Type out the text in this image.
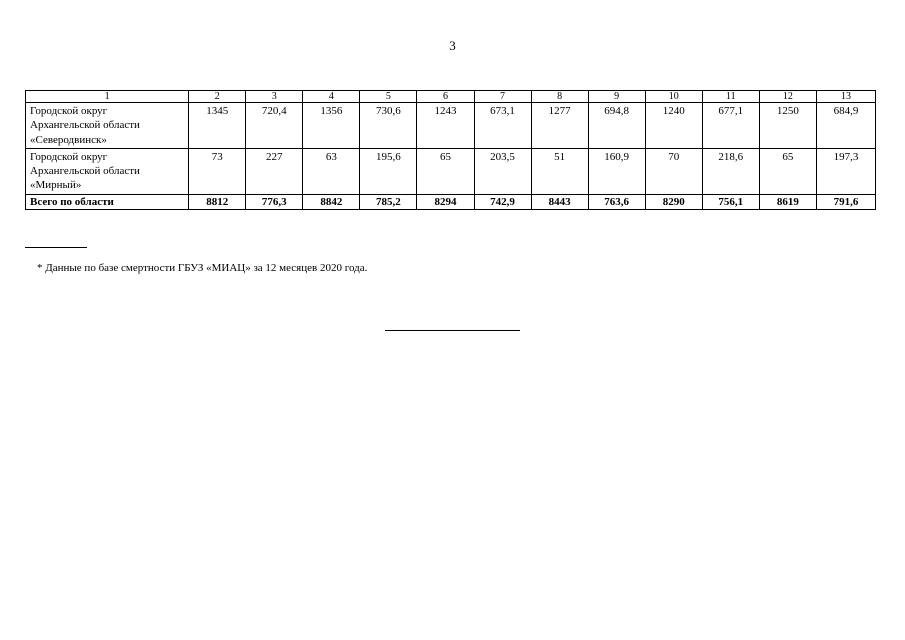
3
1	2	3	4	5	6	7	8	9	10	11	12	13

Городской округ
Архангельской области
«Северодвинск»	1345	720,4	1356	730,6	1243	673,1	1277	694,8	1240	677,1	1250	684,9

Городской округ
Архангельской области
«Мирный»	73	227	63	195,6	65	203,5	51	160,9	70	218,6	65	197,3
Всего по области	8812	776,3	8842	785,2	8294	742,9	8443	763,6	8290	756,1	8619	791,6
* Данные по базе смертности ГБУЗ «МИАЦ» за 12 месяцев 2020 года.
